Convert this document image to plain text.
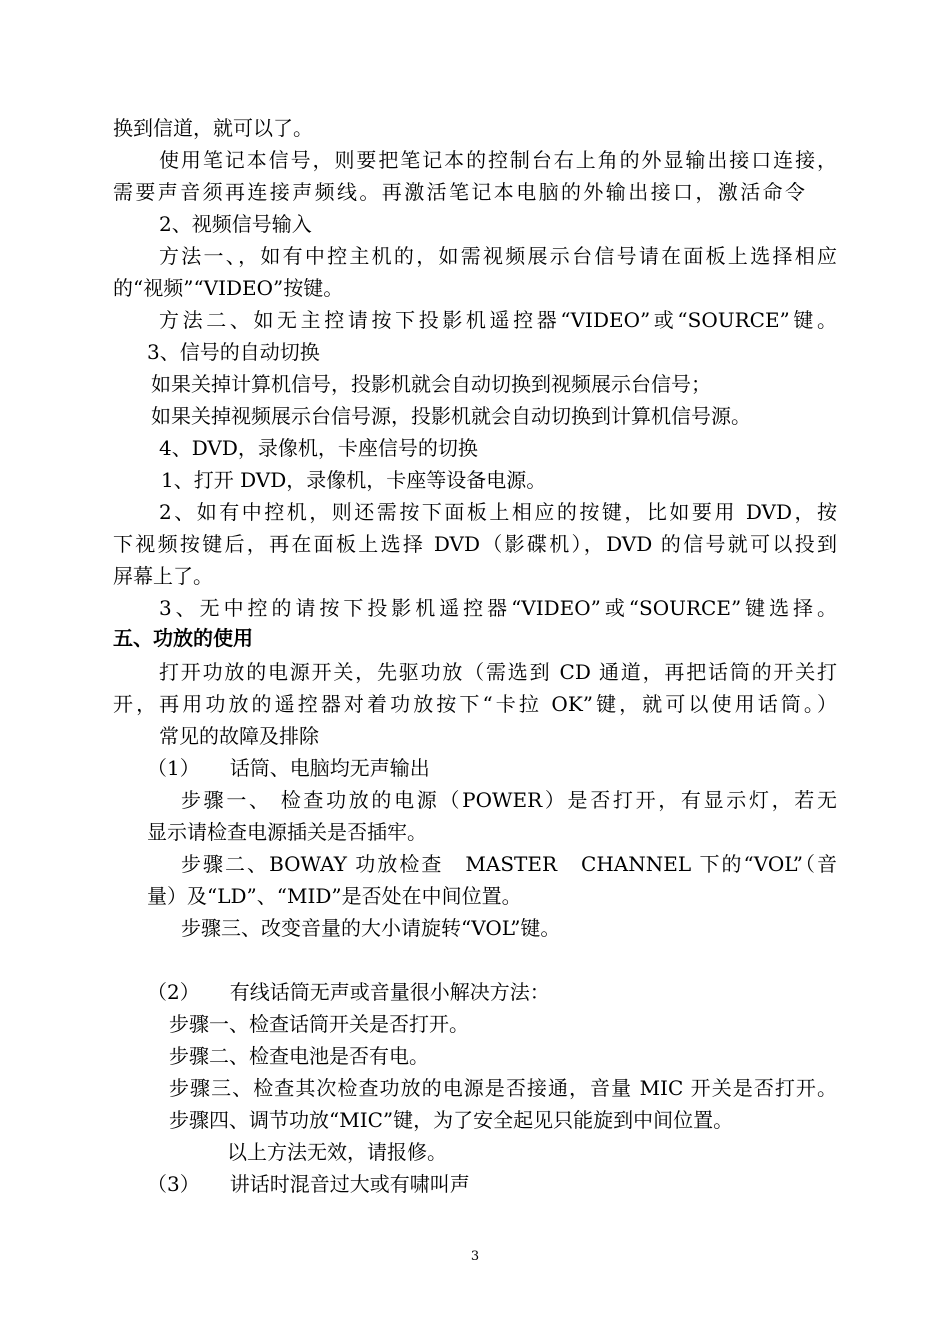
换到信道，就可以了。
使用笔记本信号，则要把笔记本的控制台右上角的外显输出接口连接，
需要声音须再连接声频线。再激活笔记本电脑的外输出接口，激活命令
2、视频信号输入
方法一、，如有中控主机的，如需视频展示台信号请在面板上选择相应
的“视频”“VIDEO”按键。
方法二、如无主控请按下投影机遥控器“VIDEO”或“SOURCE”键。
3、信号的自动切换
如果关掉计算机信号，投影机就会自动切换到视频展示台信号；
如果关掉视频展示台信号源，投影机就会自动切换到计算机信号源。
4、DVD，录像机，卡座信号的切换
1、打开 DVD，录像机，卡座等设备电源。
2、如有中控机，则还需按下面板上相应的按键，比如要用 DVD，按
下视频按键后，再在面板上选择 DVD（影碟机），DVD 的信号就可以投到
屏幕上了。
3、无中控的请按下投影机遥控器“VIDEO”或“SOURCE”键选择。
五、功放的使用
打开功放的电源开关，先驱功放（需选到 CD 通道，再把话筒的开关打
开，再用功放的遥控器对着功放按下“卡拉 OK”键，就可以使用话筒。）
常见的故障及排除
（1）　　话筒、电脑均无声输出
步骤一、 检查功放的电源（POWER）是否打开，有显示灯，若无
显示请检查电源插关是否插牢。
步骤二、BOWAY 功放检查　MASTER　CHANNEL 下的“VOL”（音
量）及“LD”、“MID”是否处在中间位置。
步骤三、改变音量的大小请旋转“VOL”键。
（2）　　有线话筒无声或音量很小解决方法：
步骤一、检查话筒开关是否打开。
步骤二、检查电池是否有电。
步骤三、检查其次检查功放的电源是否接通，音量 MIC 开关是否打开。
步骤四、调节功放“MIC”键，为了安全起见只能旋到中间位置。
以上方法无效，请报修。
（3）　　讲话时混音过大或有啸叫声
3
